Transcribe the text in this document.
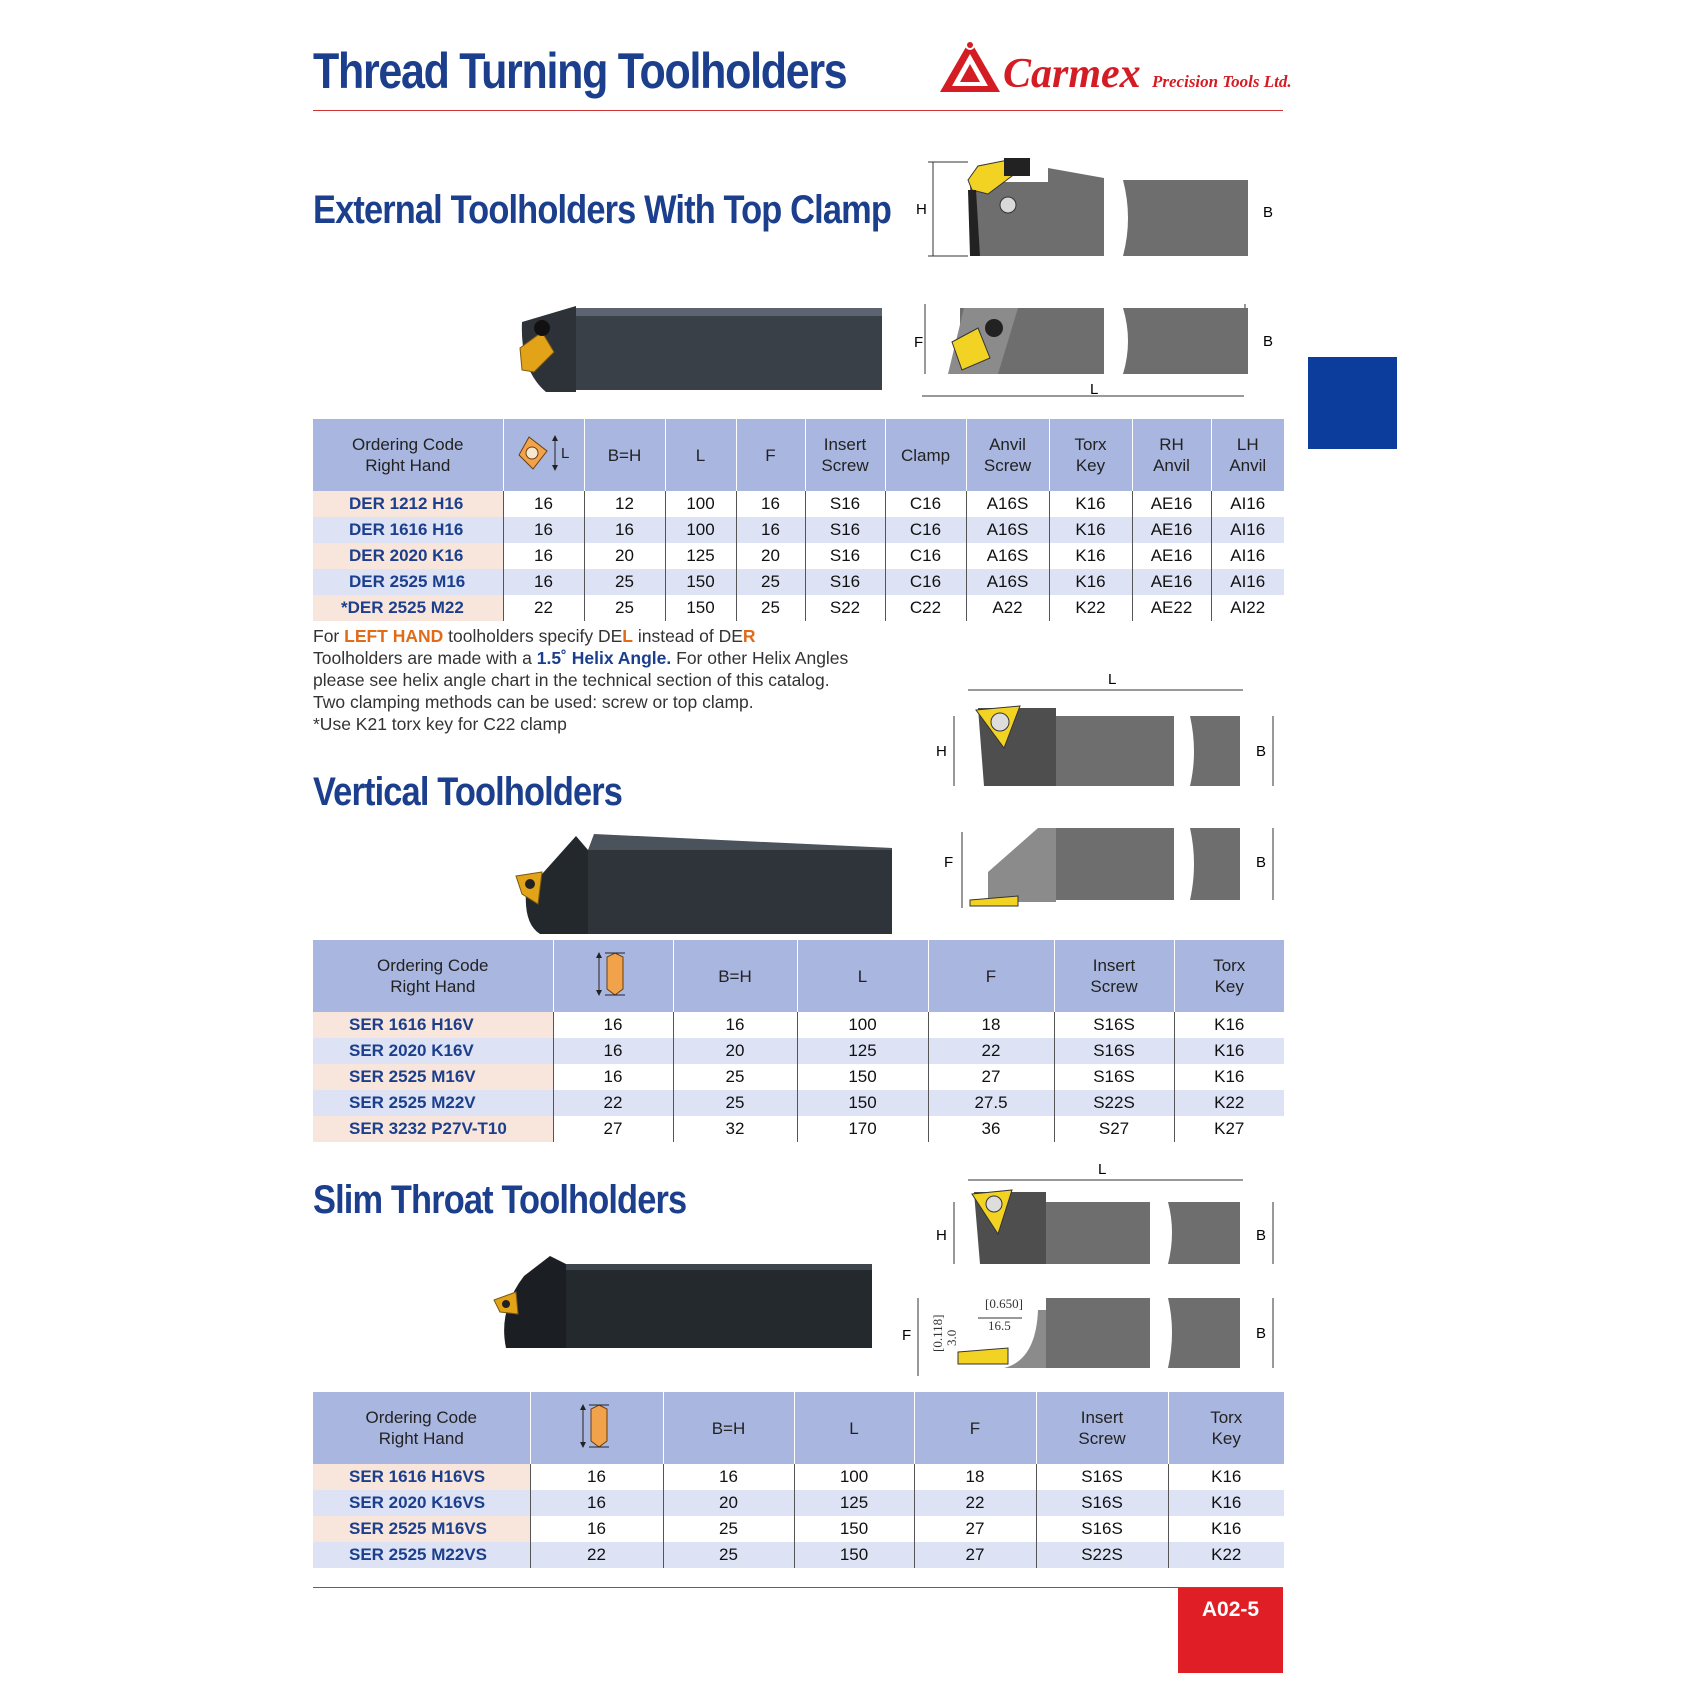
Thread Turning Toolholders	Carmex Precision Tools Ltd.
External Toolholders With Top Clamp H	B
F	B
L
Ordering Code Right Hand	L	B=H	L	F	Insert Screw	Clamp	Anvil Screw	Torx Key	RH Anvil	LH Anvil
DER 1212 H16	16	12	100	16	S16	C16	A16S	K16	AE16	AI16
DER 1616 H16	16	16	100	16	S16	C16	A16S	K16	AE16	AI16
DER 2020 K16	16	20	125	20	S16	C16	A16S	K16	AE16	AI16
DER 2525 M16	16	25	150	25	S16	C16	A16S	K16	AE16	AI16
*DER 2525 M22	22	25	150	25	S22	C22	A22	K22	AE22	AI22
For LEFT HAND toolholders specify DEL instead of DER
Toolholders are made with a 1.5˚ Helix Angle. For other Helix Angles
please see helix angle chart in the technical section of this catalog.
Two clamping methods can be used: screw or top clamp.
*Use K21 torx key for C22 clamp
Vertical Toolholders
L
H	B
F	B
Ordering Code Right Hand		B=H	L	F	Insert Screw	Torx Key
SER 1616 H16V	16	16	100	18	S16S	K16
SER 2020 K16V	16	20	125	22	S16S	K16
SER 2525 M16V	16	25	150	27	S16S	K16
SER 2525 M22V	22	25	150	27.5	S22S	K22
SER 3232 P27V-T10	27	32	170	36	S27	K27
Slim Throat Toolholders
L
H	B
[0.650]
16.5
[0.118] 3.0
F	B
Ordering Code Right Hand		B=H	L	F	Insert Screw	Torx Key
SER 1616 H16VS	16	16	100	18	S16S	K16
SER 2020 K16VS	16	20	125	22	S16S	K16
SER 2525 M16VS	16	25	150	27	S16S	K16
SER 2525 M22VS	22	25	150	27	S22S	K22
A02-5
